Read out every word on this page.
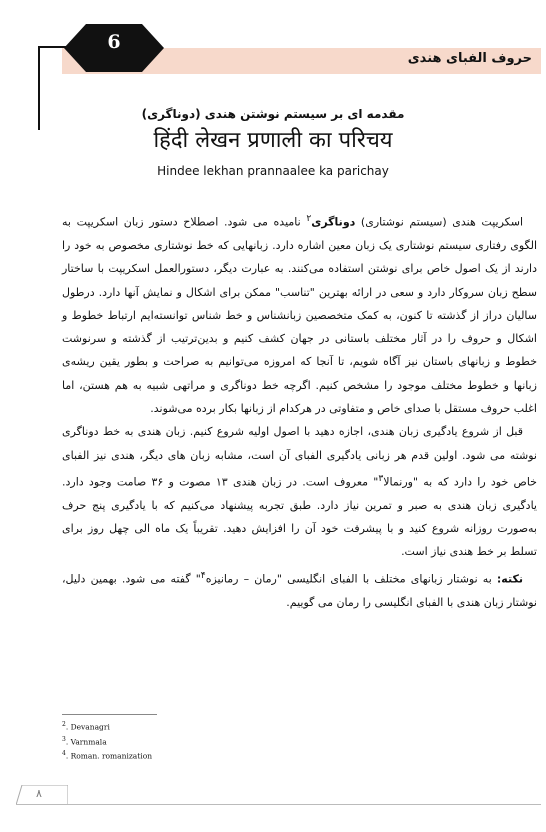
حروف الفبای هندی
6
مقدمه ای بر سیستم نوشتن هندی (دوناگری)
हिंदी लेखन प्रणाली का परिचय
Hindee lekhan prannaalee ka parichay

اسکریپت هندی (سیستم نوشتاری) دوناگری$^۲$ نامیده می شود. اصطلاح دستور زبان اسکریپت به الگوی رفتاری سیستم نوشتاری یک زبان معین اشاره دارد. زبانهایی که خط نوشتاری مخصوص به خود را دارند از یک اصول خاص برای نوشتن استفاده می‌کنند. به عبارت دیگر، دستورالعمل اسکریپت با ساختار سطح زبان سروکار دارد و سعی در ارائه بهترین "تناسب" ممکن برای اشکال و نمایش آنها دارد. درطول سالیان دراز از گذشته تا کنون، به کمک متخصصین زبانشناس و خط شناس توانسته‌ایم ارتباط خطوط و اشکال و حروف را در آثار مختلف باستانی در جهان کشف کنیم و بدین‌ترتیب از گذشته و سرنوشت خطوط و زبانهای باستان نیز آگاه شویم، تا آنجا که امروزه می‌توانیم به صراحت و بطور یقین ریشه‌ی زبانها و خطوط مختلف موجود را مشخص کنیم. اگرچه خط دوناگری و مراتهی شبیه به هم هستن، اما اغلب حروف مستقل با صدای خاص و متفاوتی در هرکدام از زبانها بکار برده می‌شوند.

قبل از شروع یادگیری زبان هندی، اجازه دهید با اصول اولیه شروع کنیم. زبان هندی به خط دوناگری نوشته می شود. اولین قدم هر زبانی یادگیری الفبای آن است، مشابه زبان های دیگر، هندی نیز الفبای خاص خود را دارد که به "ورنمالا$^۳$" معروف است. در زبان هندی ۱۳ مصوت و ۳۶ صامت وجود دارد. یادگیری زبان هندی به صبر و تمرین نیاز دارد. طبق تجربه پیشنهاد می‌کنیم که با یادگیری پنج حرف به‌صورت روزانه شروع کنید و با پیشرفت خود آن را افزایش دهید. تقریباً یک ماه الی چهل روز برای تسلط بر خط هندی نیاز است.

نکته: به نوشتار زبانهای مختلف با الفبای انگلیسی "رمان – رمانیزه$^۴$" گفته می شود. بهمین دلیل، نوشتار زبان هندی با الفبای انگلیسی را رمان می گوییم.

$^2$. Devanagri
$^3$. Varnmala
$^4$. Roman. romanization
۸
